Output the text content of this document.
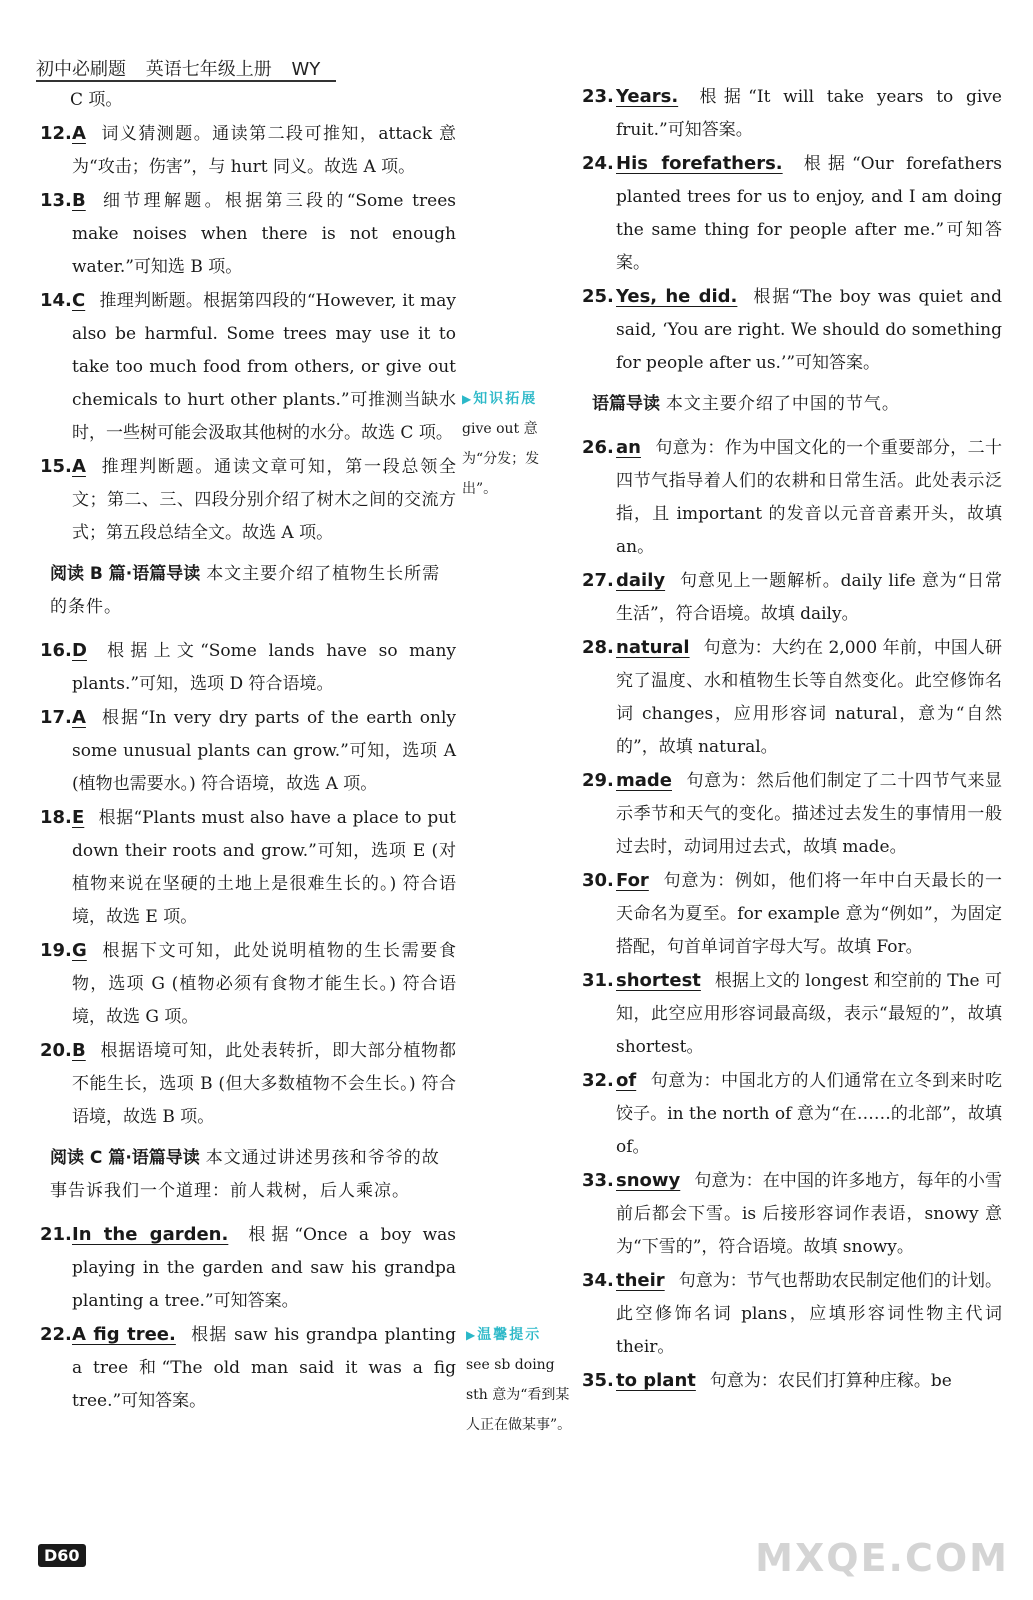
初中必刷题 英语七年级上册 WY
C 项。
12. A 词义猜测题。通读第二段可推知，attack 意为“攻击；伤害”，与 hurt 同义。故选 A 项。
13. B 细节理解题。根据第三段的“Some trees make noises when there is not enough water.”可知选 B 项。
14. C 推理判断题。根据第四段的“However, it may also be harmful. Some trees may use it to take too much food from others, or give out chemicals to hurt other plants.”可推测当缺水时，一些树可能会汲取其他树的水分。故选 C 项。
15. A 推理判断题。通读文章可知，第一段总领全文；第二、三、四段分别介绍了树木之间的交流方式；第五段总结全文。故选 A 项。
阅读 B 篇·语篇导读 本文主要介绍了植物生长所需的条件。
16. D 根据上文“Some lands have so many plants.”可知，选项 D 符合语境。
17. A 根据“In very dry parts of the earth only some unusual plants can grow.”可知，选项 A (植物也需要水。) 符合语境，故选 A 项。
18. E 根据“Plants must also have a place to put down their roots and grow.”可知，选项 E (对植物来说在坚硬的土地上是很难生长的。) 符合语境，故选 E 项。
19. G 根据下文可知，此处说明植物的生长需要食物，选项 G (植物必须有食物才能生长。) 符合语境，故选 G 项。
20. B 根据语境可知，此处表转折，即大部分植物都不能生长，选项 B (但大多数植物不会生长。) 符合语境，故选 B 项。
阅读 C 篇·语篇导读 本文通过讲述男孩和爷爷的故事告诉我们一个道理：前人栽树，后人乘凉。
21. In the garden. 根据“Once a boy was playing in the garden and saw his grandpa planting a tree.”可知答案。
22. A fig tree. 根据 saw his grandpa planting a tree 和“The old man said it was a fig tree.”可知答案。
▶ 知识拓展
give out 意为“分发；发出”。
▶ 温馨提示
see sb doing sth 意为“看到某人正在做某事”。
23. Years. 根据“It will take years to give fruit.”可知答案。
24. His forefathers. 根据“Our forefathers planted trees for us to enjoy, and I am doing the same thing for people after me.”可知答案。
25. Yes, he did. 根据“The boy was quiet and said, ‘You are right. We should do something for people after us.’”可知答案。
语篇导读 本文主要介绍了中国的节气。
26. an 句意为：作为中国文化的一个重要部分，二十四节气指导着人们的农耕和日常生活。此处表示泛指，且 important 的发音以元音音素开头，故填 an。
27. daily 句意见上一题解析。daily life 意为“日常生活”，符合语境。故填 daily。
28. natural 句意为：大约在 2,000 年前，中国人研究了温度、水和植物生长等自然变化。此空修饰名词 changes，应用形容词 natural，意为“自然的”，故填 natural。
29. made 句意为：然后他们制定了二十四节气来显示季节和天气的变化。描述过去发生的事情用一般过去时，动词用过去式，故填 made。
30. For 句意为：例如，他们将一年中白天最长的一天命名为夏至。for example 意为“例如”，为固定搭配，句首单词首字母大写。故填 For。
31. shortest 根据上文的 longest 和空前的 The 可知，此空应用形容词最高级，表示“最短的”，故填 shortest。
32. of 句意为：中国北方的人们通常在立冬到来时吃饺子。in the north of 意为“在……的北部”，故填 of。
33. snowy 句意为：在中国的许多地方，每年的小雪前后都会下雪。is 后接形容词作表语，snowy 意为“下雪的”，符合语境。故填 snowy。
34. their 句意为：节气也帮助农民制定他们的计划。此空修饰名词 plans，应填形容词性物主代词 their。
35. to plant 句意为：农民们打算种庄稼。be
D60	MXQE.COM
